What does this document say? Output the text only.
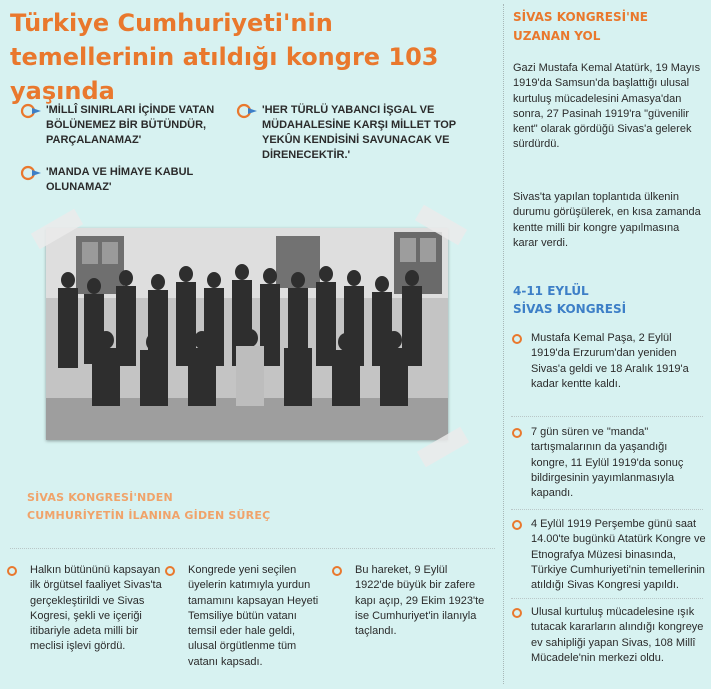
Türkiye Cumhuriyeti'nin temellerinin atıldığı kongre 103 yaşında
'MİLLÎ SINIRLARI İÇİNDE VATAN BÖLÜNEMEZ BİR BÜTÜNDÜR, PARÇALANAMAZ'
'MANDA VE HİMAYE KABUL OLUNAMAZ'
'HER TÜRLÜ YABANCI İŞGAL VE MÜDAHALESİNE KARŞI MİLLET TOP YEKÛN KENDİSİNİ SAVUNACAK VE DİRENECEKTİR.'
SİVAS KONGRESİ'NDEN
CUMHURİYETİN İLANINA GİDEN SÜREÇ
Halkın bütününü kapsayan ilk örgütsel faaliyet Sivas'ta gerçekleştirildi ve Sivas Kogresi, şekli ve içeriği itibariyle adeta milli bir meclisi işlevi gördü.
Kongrede yeni seçilen üyelerin katımıyla yurdun tamamını kapsayan Heyeti Temsiliye bütün vatanı temsil eder hale geldi, ulusal örgütlenme tüm vatanı kapsadı.
Bu hareket, 9 Eylül 1922'de büyük bir zafere kapı açıp, 29 Ekim 1923'te ise Cumhuriyet'in ilanıyla taçlandı.
SİVAS KONGRESİ'NE
UZANAN YOL
Gazi Mustafa Kemal Atatürk, 19 Mayıs 1919'da Samsun'da başlattığı ulusal kurtuluş mücadelesini Amasya'dan sonra, 27 Pasinah 1919'ra "güvenilir kent" olarak gördüğü Sivas'a gelerek sürdürdü.
Sivas'ta yapılan toplantıda ülkenin durumu görüşülerek, en kısa zamanda kentte milli bir kongre yapılmasına karar verdi.
4-11 EYLÜL
SİVAS KONGRESİ
Mustafa Kemal Paşa, 2 Eylül 1919'da Erzurum'dan yeniden Sivas'a geldi ve 18 Aralık 1919'a kadar kentte kaldı.
7 gün süren ve "manda" tartışmalarının da yaşandığı kongre, 11 Eylül 1919'da sonuç bildirgesinin yayımlanmasıyla kapandı.
4 Eylül 1919 Perşembe günü saat 14.00'te bugünkü Atatürk Kongre ve Etnografya Müzesi binasında, Türkiye Cumhuriyeti'nin temellerinin atıldığı Sivas Kongresi yapıldı.
Ulusal kurtuluş mücadelesine ışık tutacak kararların alındığı kongreye ev sahipliği yapan Sivas, 108 Millî Mücadele'nin merkezi oldu.
